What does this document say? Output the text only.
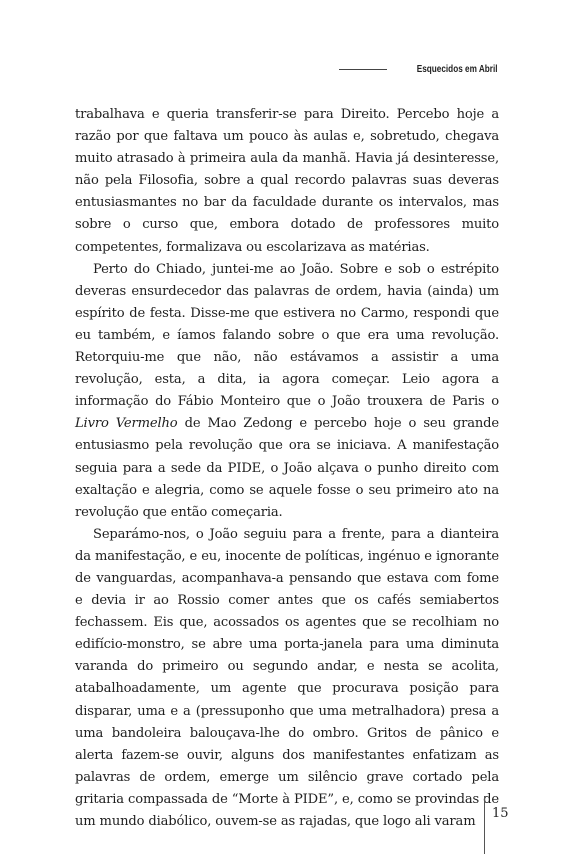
Esquecidos em Abril

trabalhava e queria transferir-se para Direito. Percebo hoje a razão por que faltava um pouco às aulas e, sobretudo, chegava muito atrasado à primeira aula da manhã. Havia já desinteresse, não pela Filosofia, sobre a qual recordo palavras suas deveras entusiasmantes no bar da faculdade durante os intervalos, mas sobre o curso que, embora dotado de professores muito competentes, formalizava ou escolarizava as matérias.

Perto do Chiado, juntei-me ao João. Sobre e sob o estrépito deveras ensurdecedor das palavras de ordem, havia (ainda) um espírito de festa. Disse-me que estivera no Carmo, respondi que eu também, e íamos falando sobre o que era uma revolução. Retorquiu-me que não, não estávamos a assistir a uma revolução, esta, a dita, ia agora começar. Leio agora a informação do Fábio Monteiro que o João trouxera de Paris o Livro Vermelho de Mao Zedong e percebo hoje o seu grande entusiasmo pela revolução que ora se iniciava. A manifestação seguia para a sede da PIDE, o João alçava o punho direito com exaltação e alegria, como se aquele fosse o seu primeiro ato na revolução que então começaria.

Separámo-nos, o João seguiu para a frente, para a dianteira da manifestação, e eu, inocente de políticas, ingénuo e ignorante de vanguardas, acompanhava-a pensando que estava com fome e devia ir ao Rossio comer antes que os cafés semiabertos fechassem. Eis que, acossados os agentes que se recolhiam no edifício-monstro, se abre uma porta-janela para uma diminuta varanda do primeiro ou segundo andar, e nesta se acolita, atabalhoadamente, um agente que procurava posição para disparar, uma e a (pressuponho que uma metralhadora) presa a uma bandoleira balouçava-lhe do ombro. Gritos de pânico e alerta fazem-se ouvir, alguns dos manifestantes enfatizam as palavras de ordem, emerge um silêncio grave cortado pela gritaria compassada de “Morte à PIDE”, e, como se provindas de um mundo diabólico, ouvem-se as rajadas, que logo ali varam

15
